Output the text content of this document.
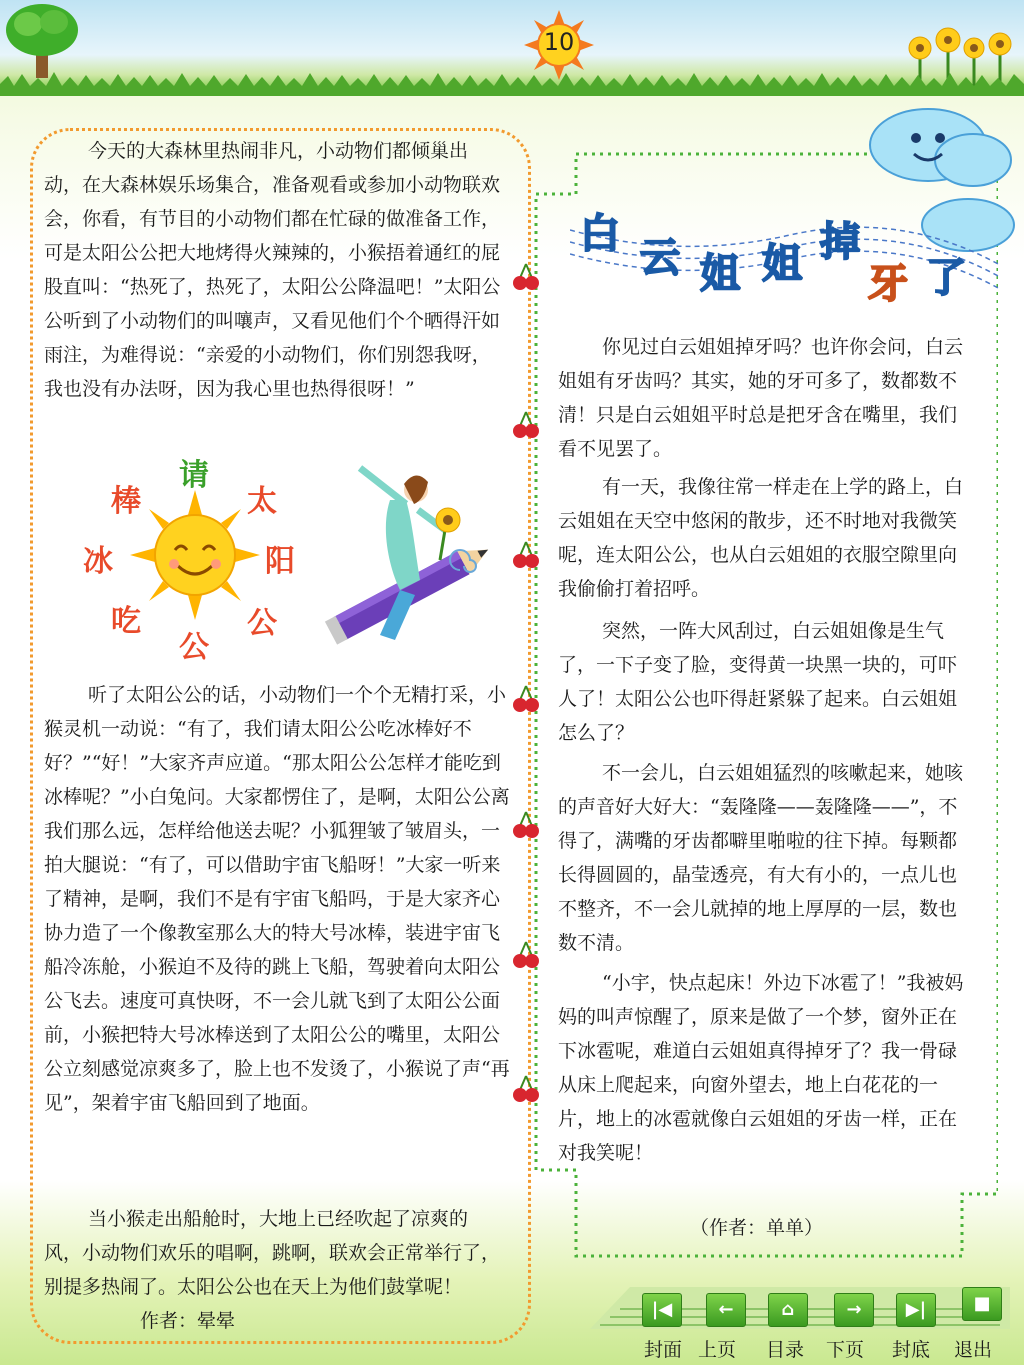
10

今天的大森林里热闹非凡，小动物们都倾巢出动，在大森林娱乐场集合，准备观看或参加小动物联欢会，你看，有节目的小动物们都在忙碌的做准备工作，可是太阳公公把大地烤得火辣辣的，小猴捂着通红的屁股直叫：“热死了，热死了，太阳公公降温吧！”太阳公公听到了小动物们的叫嚷声，又看见他们个个晒得汗如雨注，为难得说：“亲爱的小动物们，你们别怨我呀，我也没有办法呀，因为我心里也热得很呀！”

请
太
阳
公
公
吃
冰
棒

听了太阳公公的话，小动物们一个个无精打采，小猴灵机一动说：“有了，我们请太阳公公吃冰棒好不好？”“好！”大家齐声应道。“那太阳公公怎样才能吃到冰棒呢？”小白兔问。大家都愣住了，是啊，太阳公公离我们那么远，怎样给他送去呢？小狐狸皱了皱眉头，一拍大腿说：“有了，可以借助宇宙飞船呀！”大家一听来了精神，是啊，我们不是有宇宙飞船吗，于是大家齐心协力造了一个像教室那么大的特大号冰棒，装进宇宙飞船冷冻舱，小猴迫不及待的跳上飞船，驾驶着向太阳公公飞去。速度可真快呀，不一会儿就飞到了太阳公公面前，小猴把特大号冰棒送到了太阳公公的嘴里，太阳公公立刻感觉凉爽多了，脸上也不发烫了，小猴说了声“再见”，架着宇宙飞船回到了地面。

当小猴走出船舱时，大地上已经吹起了凉爽的风，小动物们欢乐的唱啊，跳啊，联欢会正常举行了，别提多热闹了。太阳公公也在天上为他们鼓掌呢！作者：晕晕

白
云 姐 姐 掉
牙 了

你见过白云姐姐掉牙吗？也许你会问，白云姐姐有牙齿吗？其实，她的牙可多了，数都数不清！只是白云姐姐平时总是把牙含在嘴里，我们看不见罢了。

有一天，我像往常一样走在上学的路上，白云姐姐在天空中悠闲的散步，还不时地对我微笑呢，连太阳公公，也从白云姐姐的衣服空隙里向我偷偷打着招呼。

突然，一阵大风刮过，白云姐姐像是生气了，一下子变了脸，变得黄一块黑一块的，可吓人了！太阳公公也吓得赶紧躲了起来。白云姐姐怎么了？

不一会儿，白云姐姐猛烈的咳嗽起来，她咳的声音好大好大：“轰隆隆——轰隆隆——”，不得了，满嘴的牙齿都噼里啪啦的往下掉。每颗都长得圆圆的，晶莹透亮，有大有小的，一点儿也不整齐，不一会儿就掉的地上厚厚的一层，数也数不清。

“小宇，快点起床！外边下冰雹了！”我被妈妈的叫声惊醒了，原来是做了一个梦，窗外正在下冰雹呢，难道白云姐姐真得掉牙了？我一骨碌从床上爬起来，向窗外望去，地上白花花的一片，地上的冰雹就像白云姐姐的牙齿一样，正在对我笑呢！

（作者：单单）
|◀	←	⌂	→	▶|	■
封面 上页 目录 下页 封底 退出
